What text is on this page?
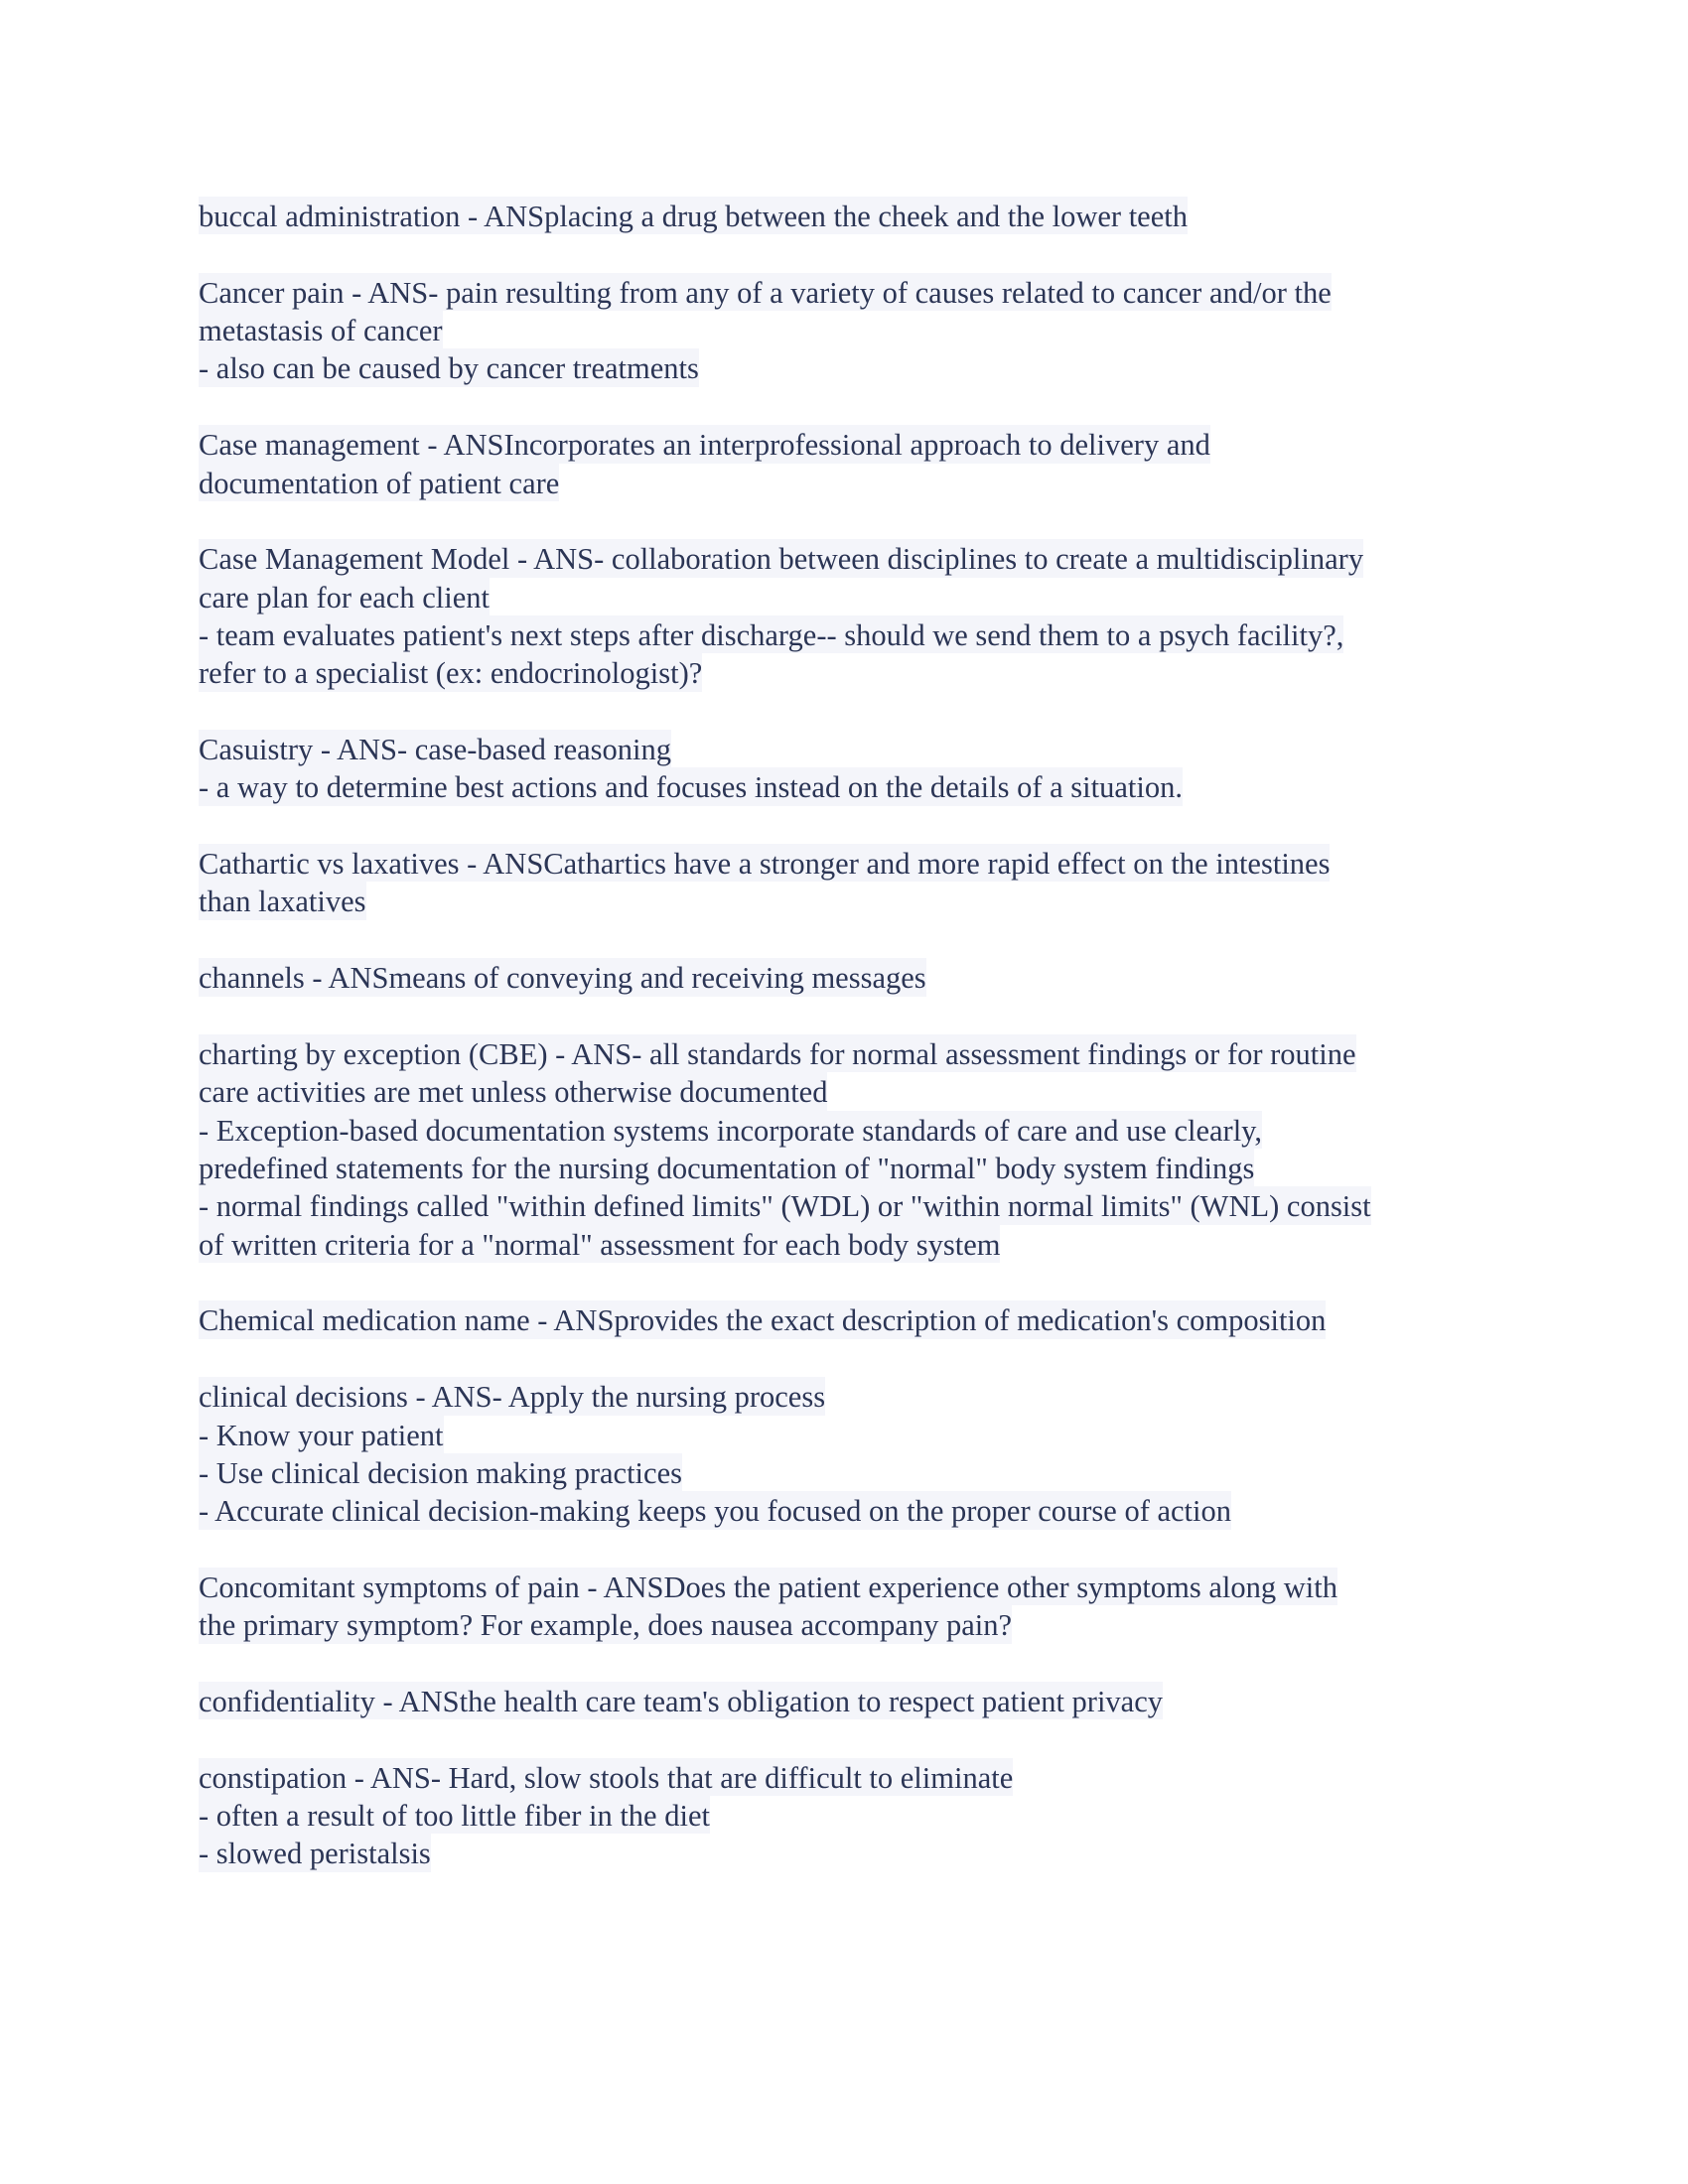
buccal administration - ANSplacing a drug between the cheek and the lower teeth
Cancer pain - ANS- pain resulting from any of a variety of causes related to cancer and/or the
metastasis of cancer
- also can be caused by cancer treatments
Case management - ANSIncorporates an interprofessional approach to delivery and
documentation of patient care
Case Management Model - ANS- collaboration between disciplines to create a multidisciplinary
care plan for each client
- team evaluates patient's next steps after discharge-- should we send them to a psych facility?,
refer to a specialist (ex: endocrinologist)?
Casuistry - ANS- case-based reasoning
- a way to determine best actions and focuses instead on the details of a situation.
Cathartic vs laxatives - ANSCathartics have a stronger and more rapid effect on the intestines
than laxatives
channels - ANSmeans of conveying and receiving messages
charting by exception (CBE) - ANS- all standards for normal assessment findings or for routine
care activities are met unless otherwise documented
- Exception-based documentation systems incorporate standards of care and use clearly,
predefined statements for the nursing documentation of "normal" body system findings
- normal findings called "within defined limits" (WDL) or "within normal limits" (WNL) consist
of written criteria for a "normal" assessment for each body system
Chemical medication name - ANSprovides the exact description of medication's composition
clinical decisions - ANS- Apply the nursing process
- Know your patient
- Use clinical decision making practices
- Accurate clinical decision-making keeps you focused on the proper course of action
Concomitant symptoms of pain - ANSDoes the patient experience other symptoms along with
the primary symptom? For example, does nausea accompany pain?
confidentiality - ANSthe health care team's obligation to respect patient privacy
constipation - ANS- Hard, slow stools that are difficult to eliminate
- often a result of too little fiber in the diet
- slowed peristalsis
